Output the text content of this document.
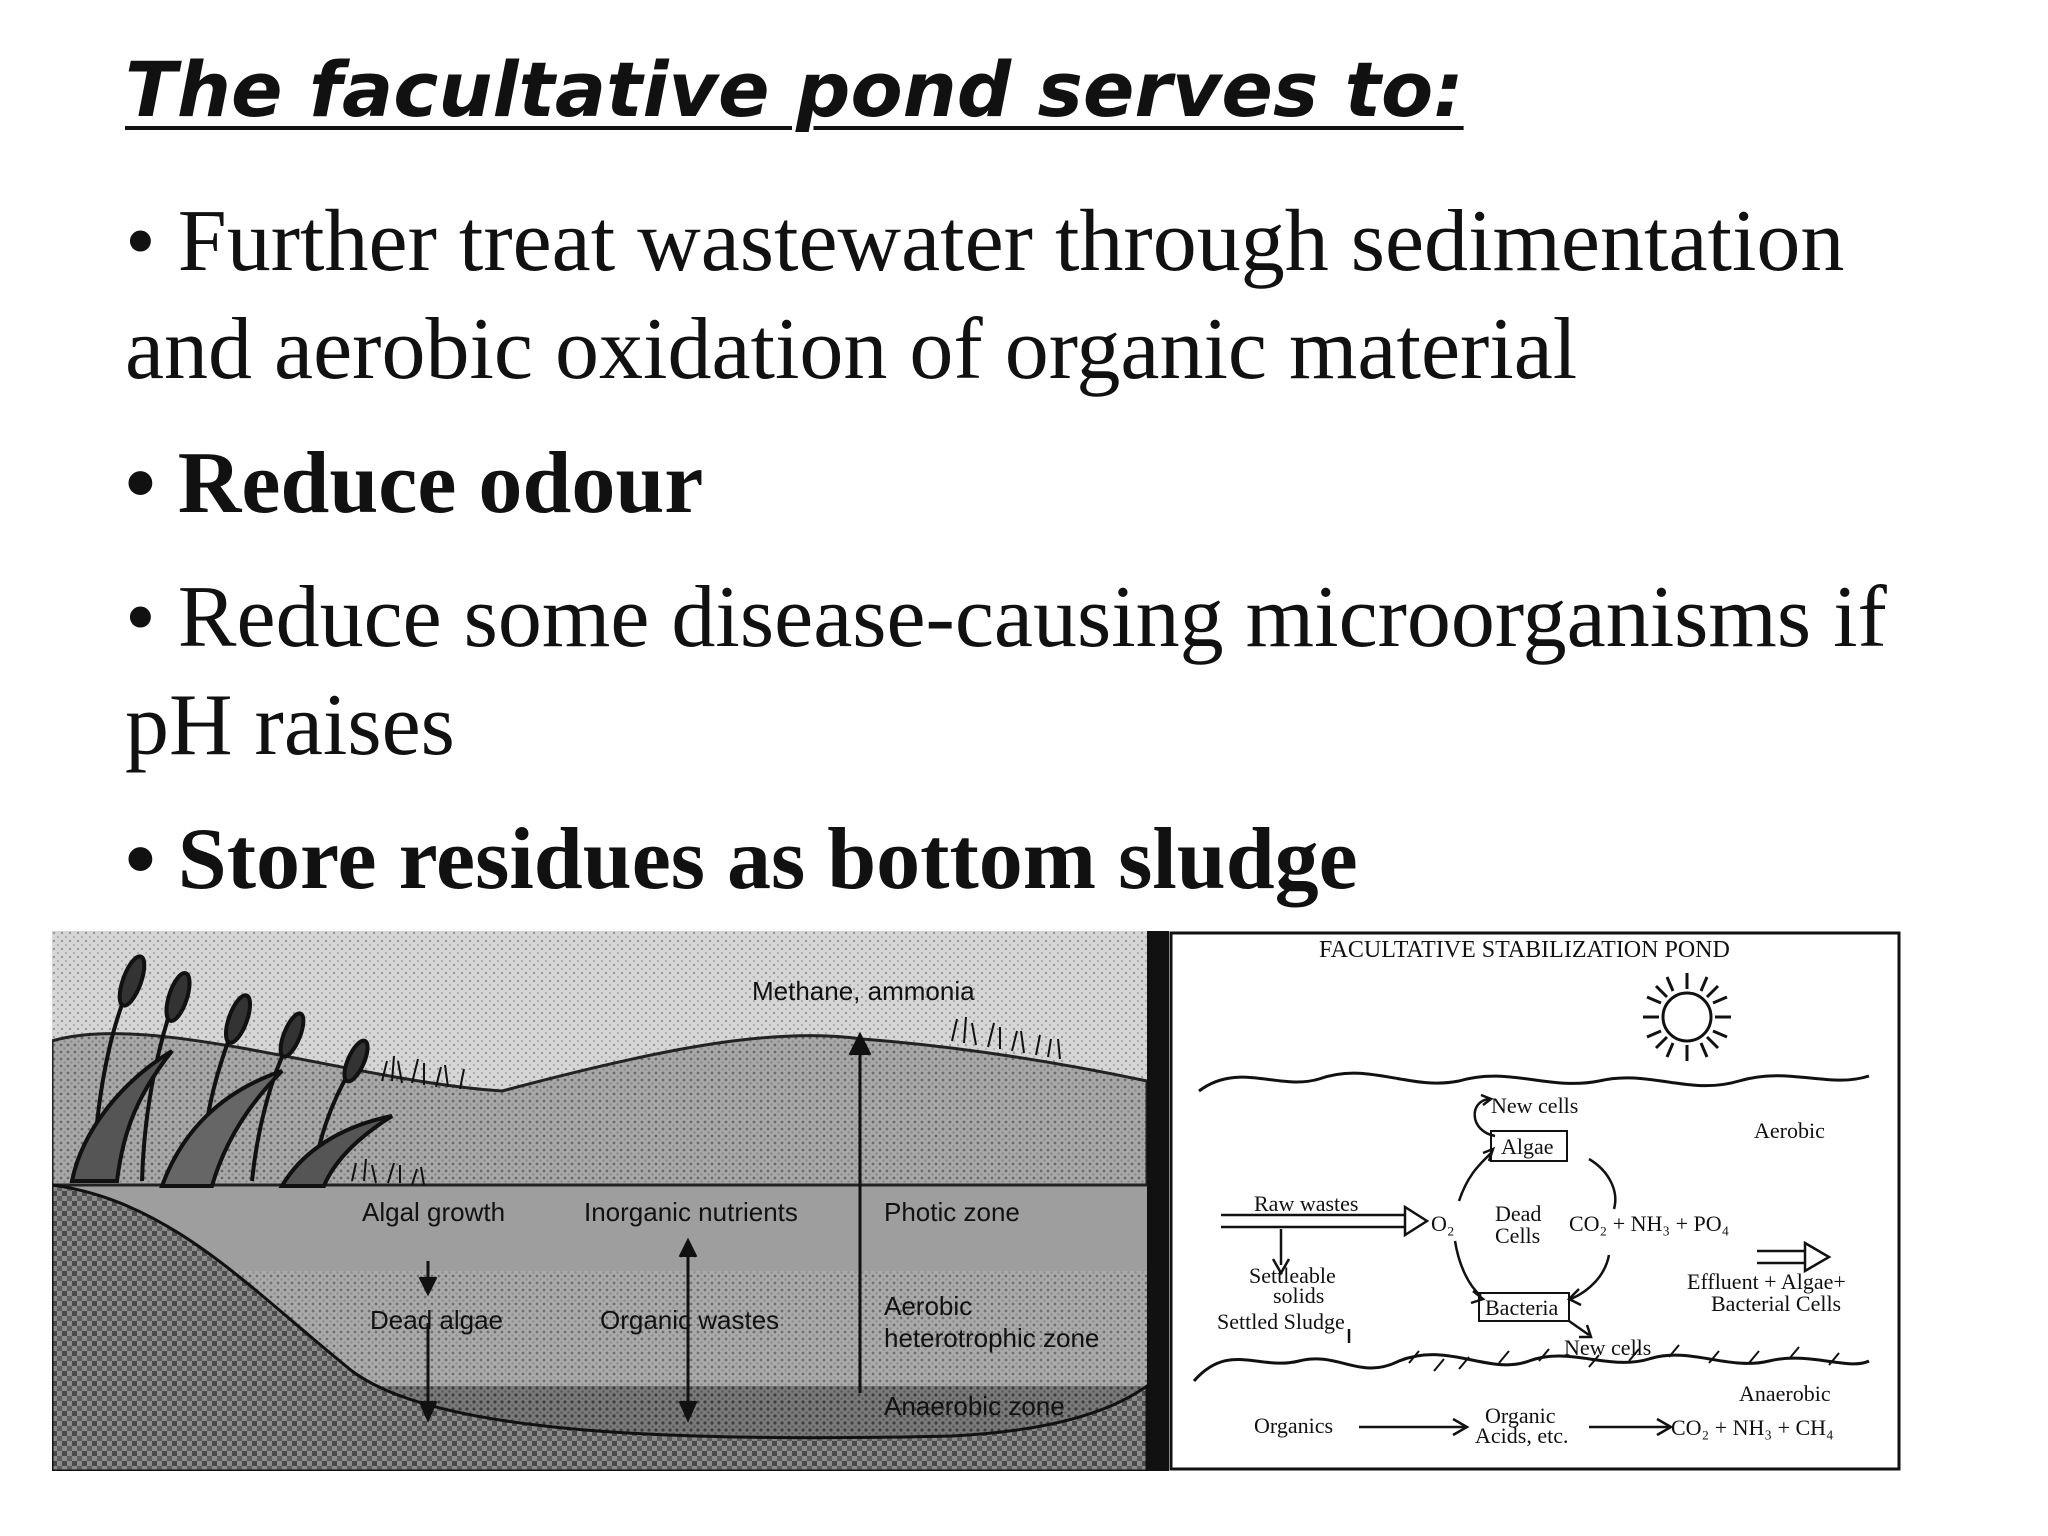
The facultative pond serves to:

• Further treat wastewater through sedimentation and aerobic oxidation of organic material

• Reduce odour

• Reduce some disease-causing microorganisms if pH raises

• Store residues as bottom sludge

Methane, ammonia
Algal growth
Dead algae
Inorganic nutrients
Organic wastes
Photic zone
Aerobic
heterotrophic zone
Anaerobic zone
FACULTATIVE STABILIZATION POND
New cells
Aerobic
Algae
Raw wastes
O₂ Dead
Cells CO₂ + NH₃ + PO₄
Settleable
solids
Settled Sludge
Bacteria
New cells
Effluent + Algae+
Bacterial Cells
Anaerobic
Organics	Organic
Acids, etc.	CO₂ + NH₃ + CH₄
